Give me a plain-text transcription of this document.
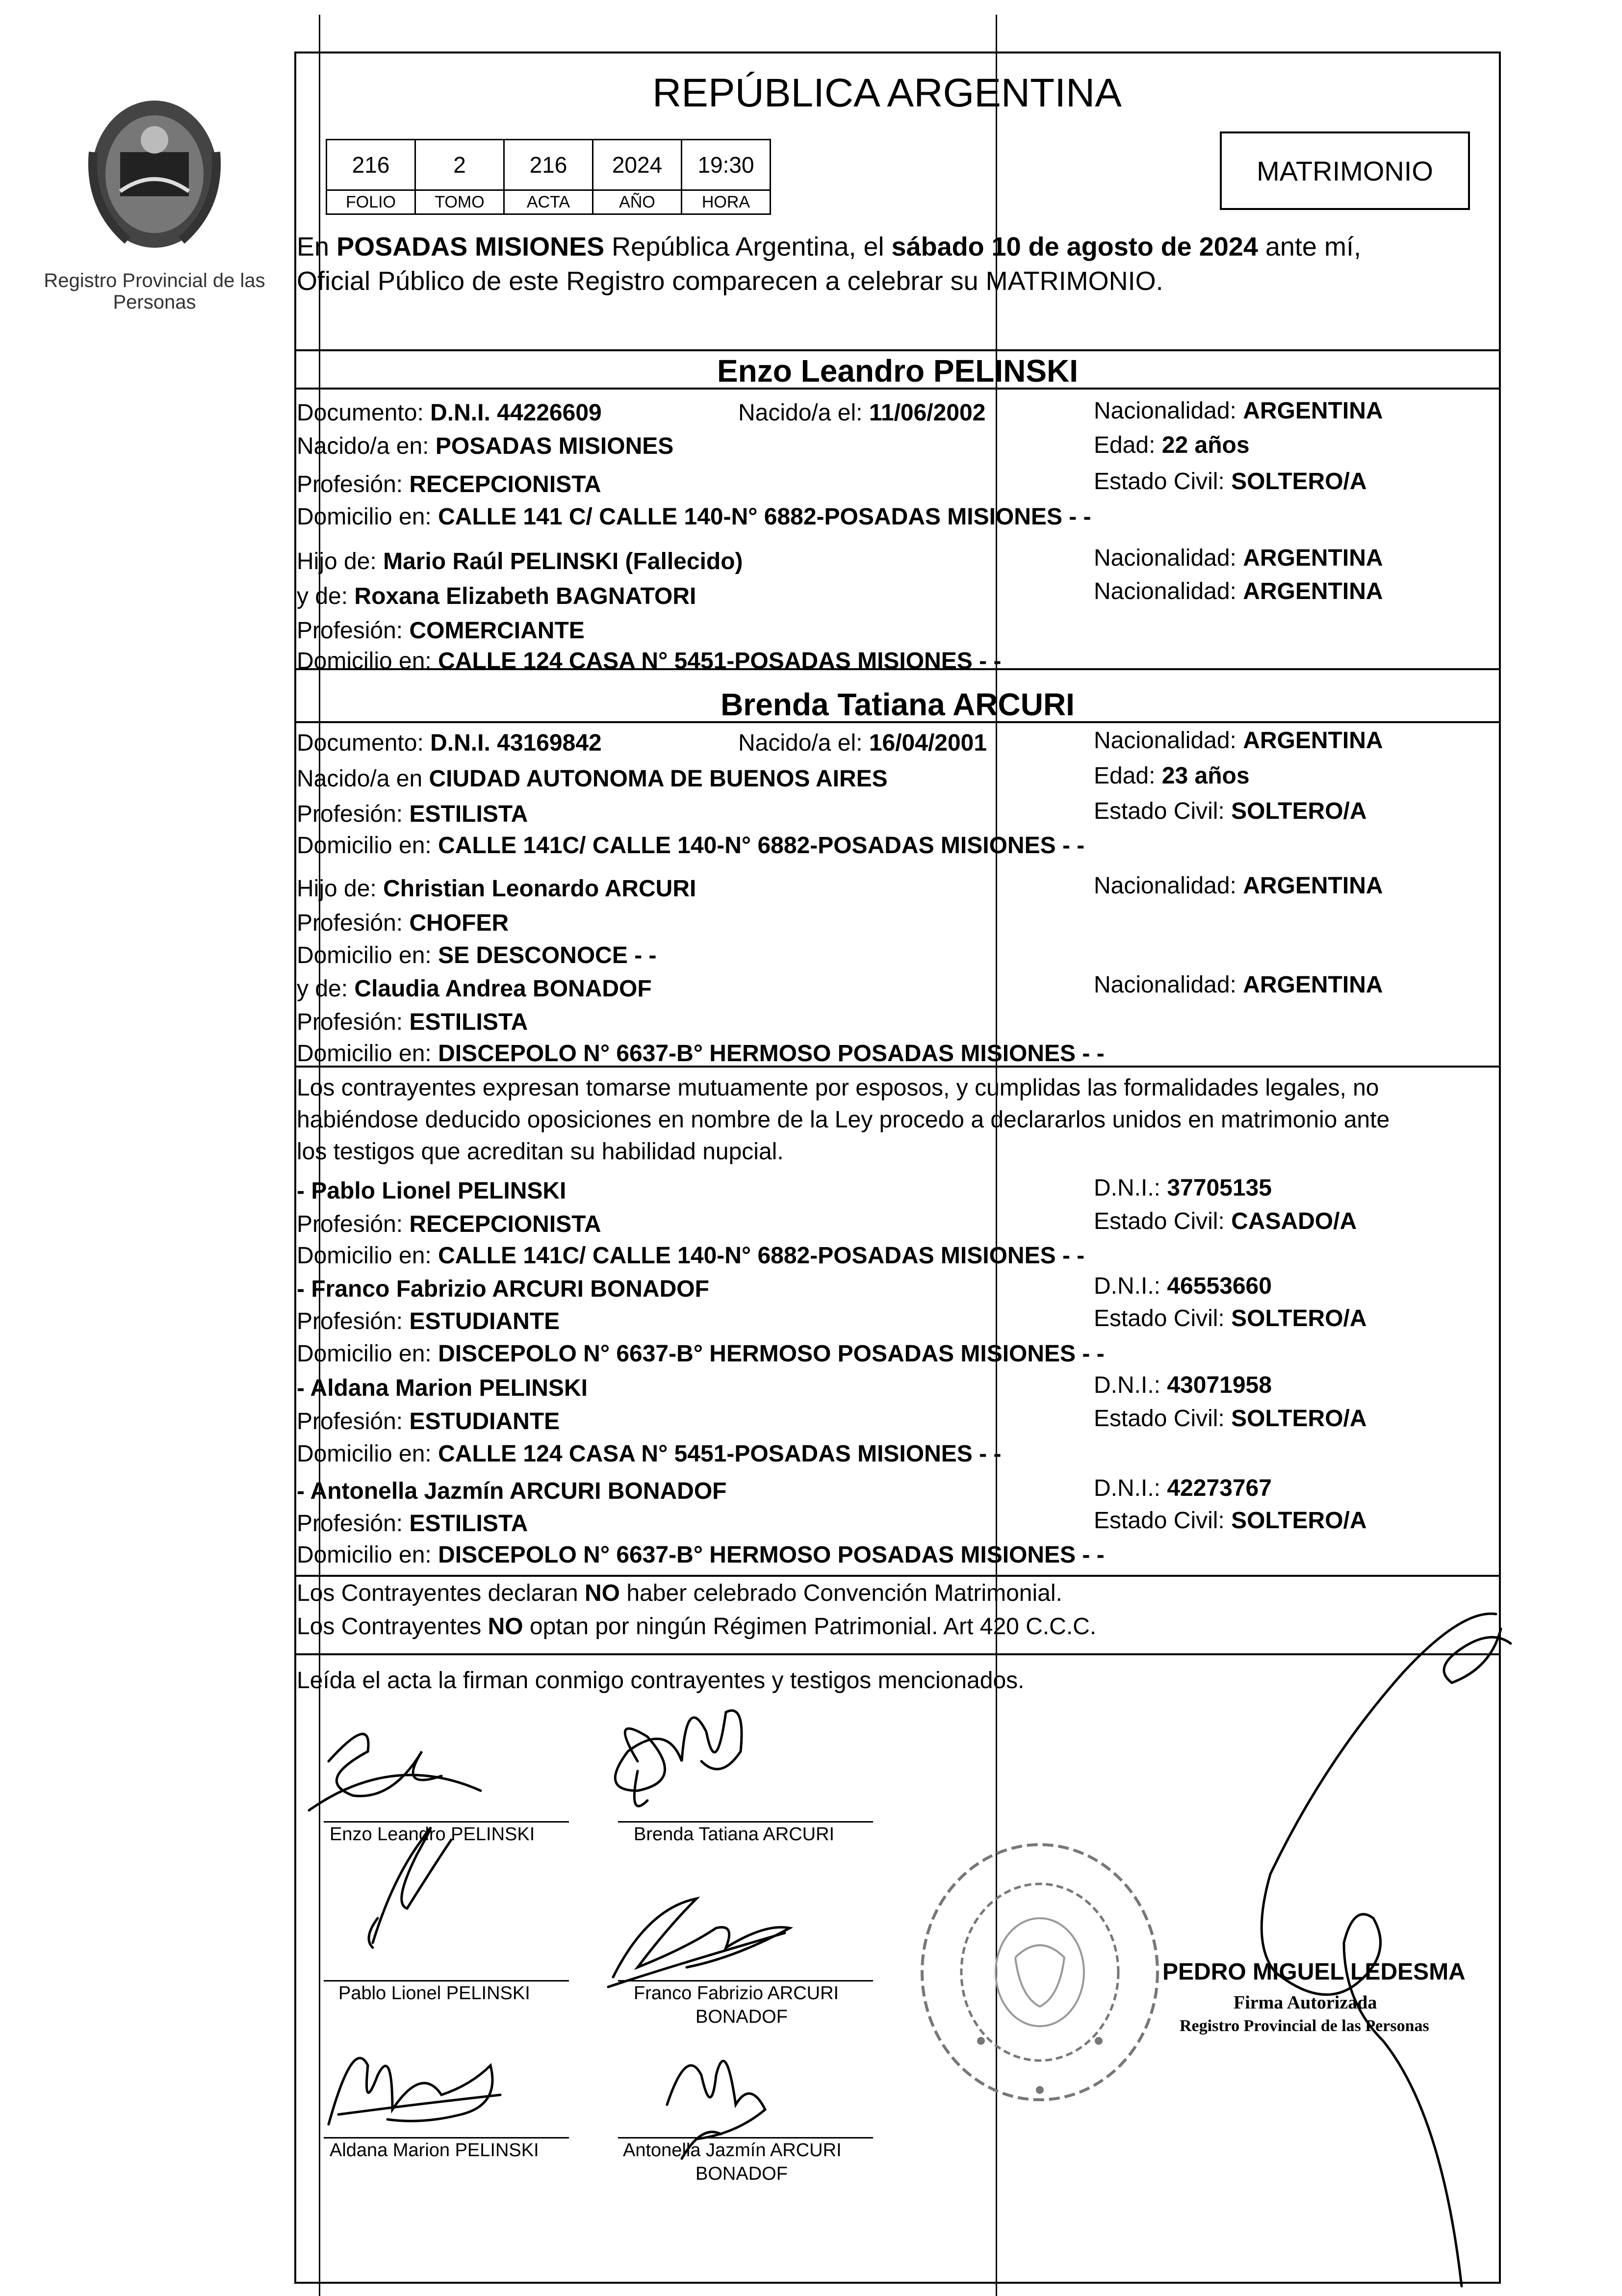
Registro Provincial de las Personas
REPÚBLICA ARGENTINA
216	2	216	2024	19:30
FOLIO	TOMO	ACTA	AÑO	HORA
MATRIMONIO
En POSADAS MISIONES República Argentina, el sábado 10 de agosto de 2024 ante mí,
Oficial Público de este Registro comparecen a celebrar su MATRIMONIO.
Enzo Leandro PELINSKI
Documento: D.N.I. 44226609	Nacido/a el: 11/06/2002	Nacionalidad: ARGENTINA
Nacido/a en: POSADAS MISIONES	Edad: 22 años
Profesión: RECEPCIONISTA	Estado Civil: SOLTERO/A
Domicilio en: CALLE 141 C/ CALLE 140-N° 6882-POSADAS MISIONES - -
Hijo de: Mario Raúl PELINSKI (Fallecido)	Nacionalidad: ARGENTINA
y de: Roxana Elizabeth BAGNATORI	Nacionalidad: ARGENTINA
Profesión: COMERCIANTE
Domicilio en: CALLE 124 CASA N° 5451-POSADAS MISIONES - -
Brenda Tatiana ARCURI
Documento: D.N.I. 43169842	Nacido/a el: 16/04/2001	Nacionalidad: ARGENTINA
Nacido/a en CIUDAD AUTONOMA DE BUENOS AIRES	Edad: 23 años
Profesión: ESTILISTA	Estado Civil: SOLTERO/A
Domicilio en: CALLE 141C/ CALLE 140-N° 6882-POSADAS MISIONES - -
Hijo de: Christian Leonardo ARCURI	Nacionalidad: ARGENTINA
Profesión: CHOFER
Domicilio en: SE DESCONOCE - -
y de: Claudia Andrea BONADOF	Nacionalidad: ARGENTINA
Profesión: ESTILISTA
Domicilio en: DISCEPOLO N° 6637-B° HERMOSO POSADAS MISIONES - -
Los contrayentes expresan tomarse mutuamente por esposos, y cumplidas las formalidades legales, no
habiéndose deducido oposiciones en nombre de la Ley procedo a declararlos unidos en matrimonio ante
los testigos que acreditan su habilidad nupcial.
- Pablo Lionel PELINSKI	D.N.I.: 37705135
Profesión: RECEPCIONISTA	Estado Civil: CASADO/A
Domicilio en: CALLE 141C/ CALLE 140-N° 6882-POSADAS MISIONES - -
- Franco Fabrizio ARCURI BONADOF	D.N.I.: 46553660
Profesión: ESTUDIANTE	Estado Civil: SOLTERO/A
Domicilio en: DISCEPOLO N° 6637-B° HERMOSO POSADAS MISIONES - -
- Aldana Marion PELINSKI	D.N.I.: 43071958
Profesión: ESTUDIANTE	Estado Civil: SOLTERO/A
Domicilio en: CALLE 124 CASA N° 5451-POSADAS MISIONES - -
- Antonella Jazmín ARCURI BONADOF	D.N.I.: 42273767
Profesión: ESTILISTA	Estado Civil: SOLTERO/A
Domicilio en: DISCEPOLO N° 6637-B° HERMOSO POSADAS MISIONES - -
Los Contrayentes declaran NO haber celebrado Convención Matrimonial.
Los Contrayentes NO optan por ningún Régimen Patrimonial. Art 420 C.C.C.
Leída el acta la firman conmigo contrayentes y testigos mencionados.
Enzo Leandro PELINSKI	Brenda Tatiana ARCURI
Pablo Lionel PELINSKI	Franco Fabrizio ARCURI
BONADOF
Aldana Marion PELINSKI	Antonella Jazmín ARCURI
BONADOF
PEDRO MIGUEL LEDESMA
Firma Autorizada
Registro Provincial de las Personas
